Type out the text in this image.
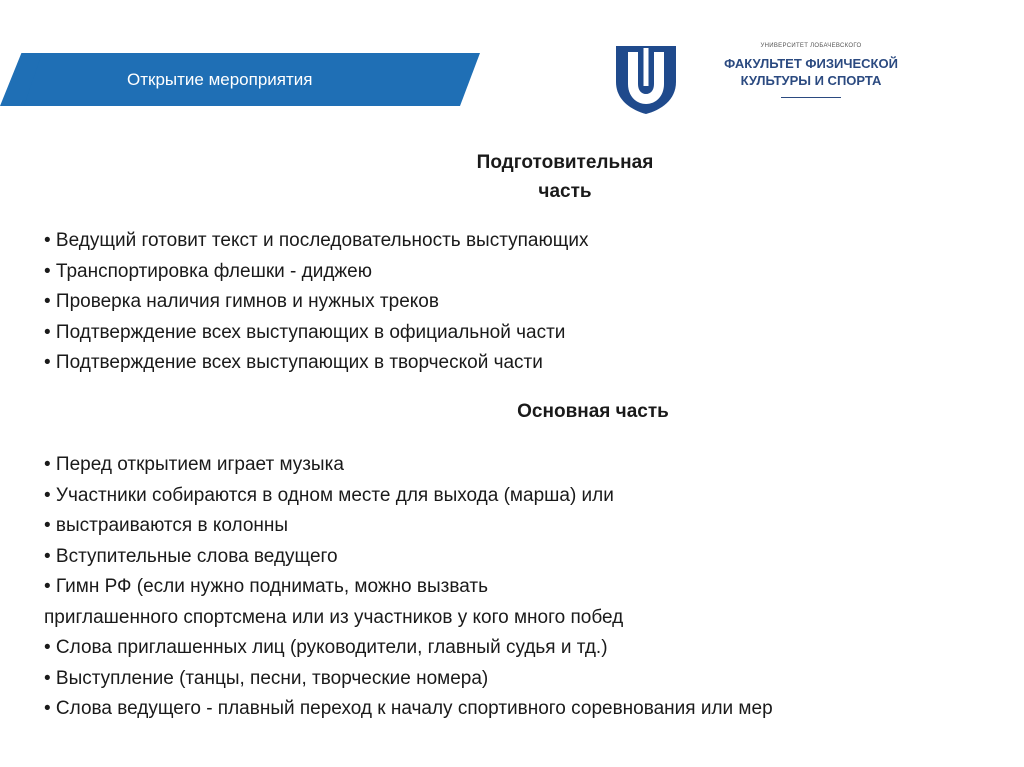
Открытие мероприятия
УНИВЕРСИТЕТ ЛОБАЧЕВСКОГО
ФАКУЛЬТЕТ ФИЗИЧЕСКОЙ
КУЛЬТУРЫ И СПОРТА
Подготовительная
часть
• Ведущий готовит текст и последовательность выступающих
• Транспортировка флешки - диджею
• Проверка наличия гимнов и нужных треков
• Подтверждение всех выступающих в официальной части
• Подтверждение всех выступающих в творческой части
Основная часть
• Перед открытием играет музыка
• Участники собираются в одном месте для выхода (марша) или
• выстраиваются в колонны
• Вступительные слова ведущего
• Гимн РФ (если нужно поднимать, можно вызвать
приглашенного спортсмена или из участников у кого много побед
• Слова приглашенных лиц (руководители, главный судья и тд.)
• Выступление (танцы, песни, творческие номера)
• Слова ведущего - плавный переход к началу спортивного соревнования или мер
